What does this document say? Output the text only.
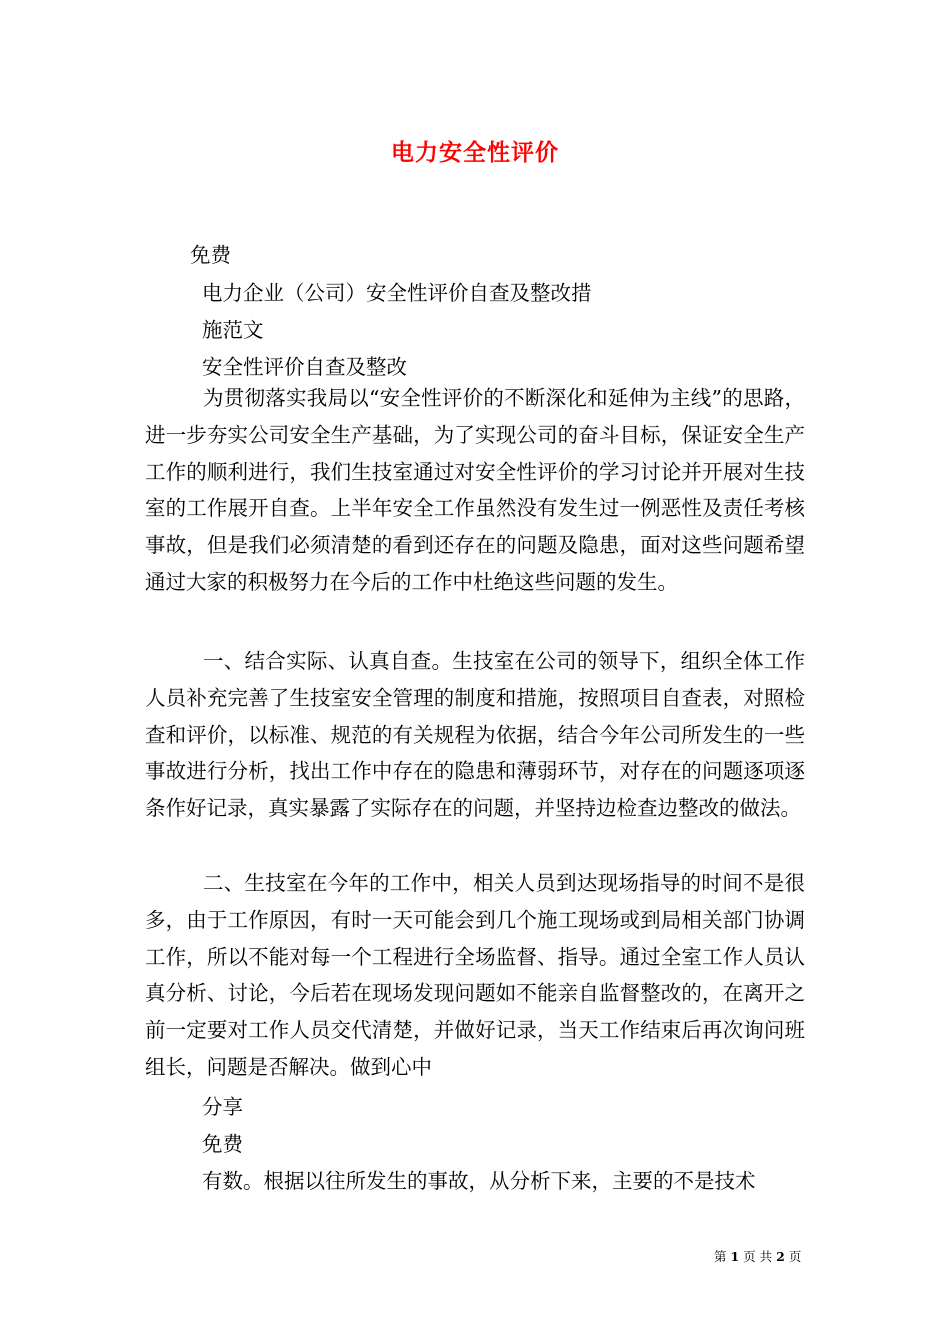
电力安全性评价
免费
电力企业（公司）安全性评价自查及整改措
施范文
安全性评价自查及整改

为贯彻落实我局以“安全性评价的不断深化和延伸为主线”的思路，进一步夯实公司安全生产基础，为了实现公司的奋斗目标，保证安全生产工作的顺利进行，我们生技室通过对安全性评价的学习讨论并开展对生技室的工作展开自查。上半年安全工作虽然没有发生过一例恶性及责任考核事故，但是我们必须清楚的看到还存在的问题及隐患，面对这些问题希望通过大家的积极努力在今后的工作中杜绝这些问题的发生。

一、结合实际、认真自查。生技室在公司的领导下，组织全体工作人员补充完善了生技室安全管理的制度和措施，按照项目自查表，对照检查和评价，以标准、规范的有关规程为依据，结合今年公司所发生的一些事故进行分析，找出工作中存在的隐患和薄弱环节，对存在的问题逐项逐条作好记录，真实暴露了实际存在的问题，并坚持边检查边整改的做法。

二、生技室在今年的工作中，相关人员到达现场指导的时间不是很多，由于工作原因，有时一天可能会到几个施工现场或到局相关部门协调工作，所以不能对每一个工程进行全场监督、指导。通过全室工作人员认真分析、讨论，今后若在现场发现问题如不能亲自监督整改的，在离开之前一定要对工作人员交代清楚，并做好记录，当天工作结束后再次询问班组长，问题是否解决。做到心中

分享
免费
有数。根据以往所发生的事故，从分析下来，主要的不是技术
第 1 页 共 2 页
